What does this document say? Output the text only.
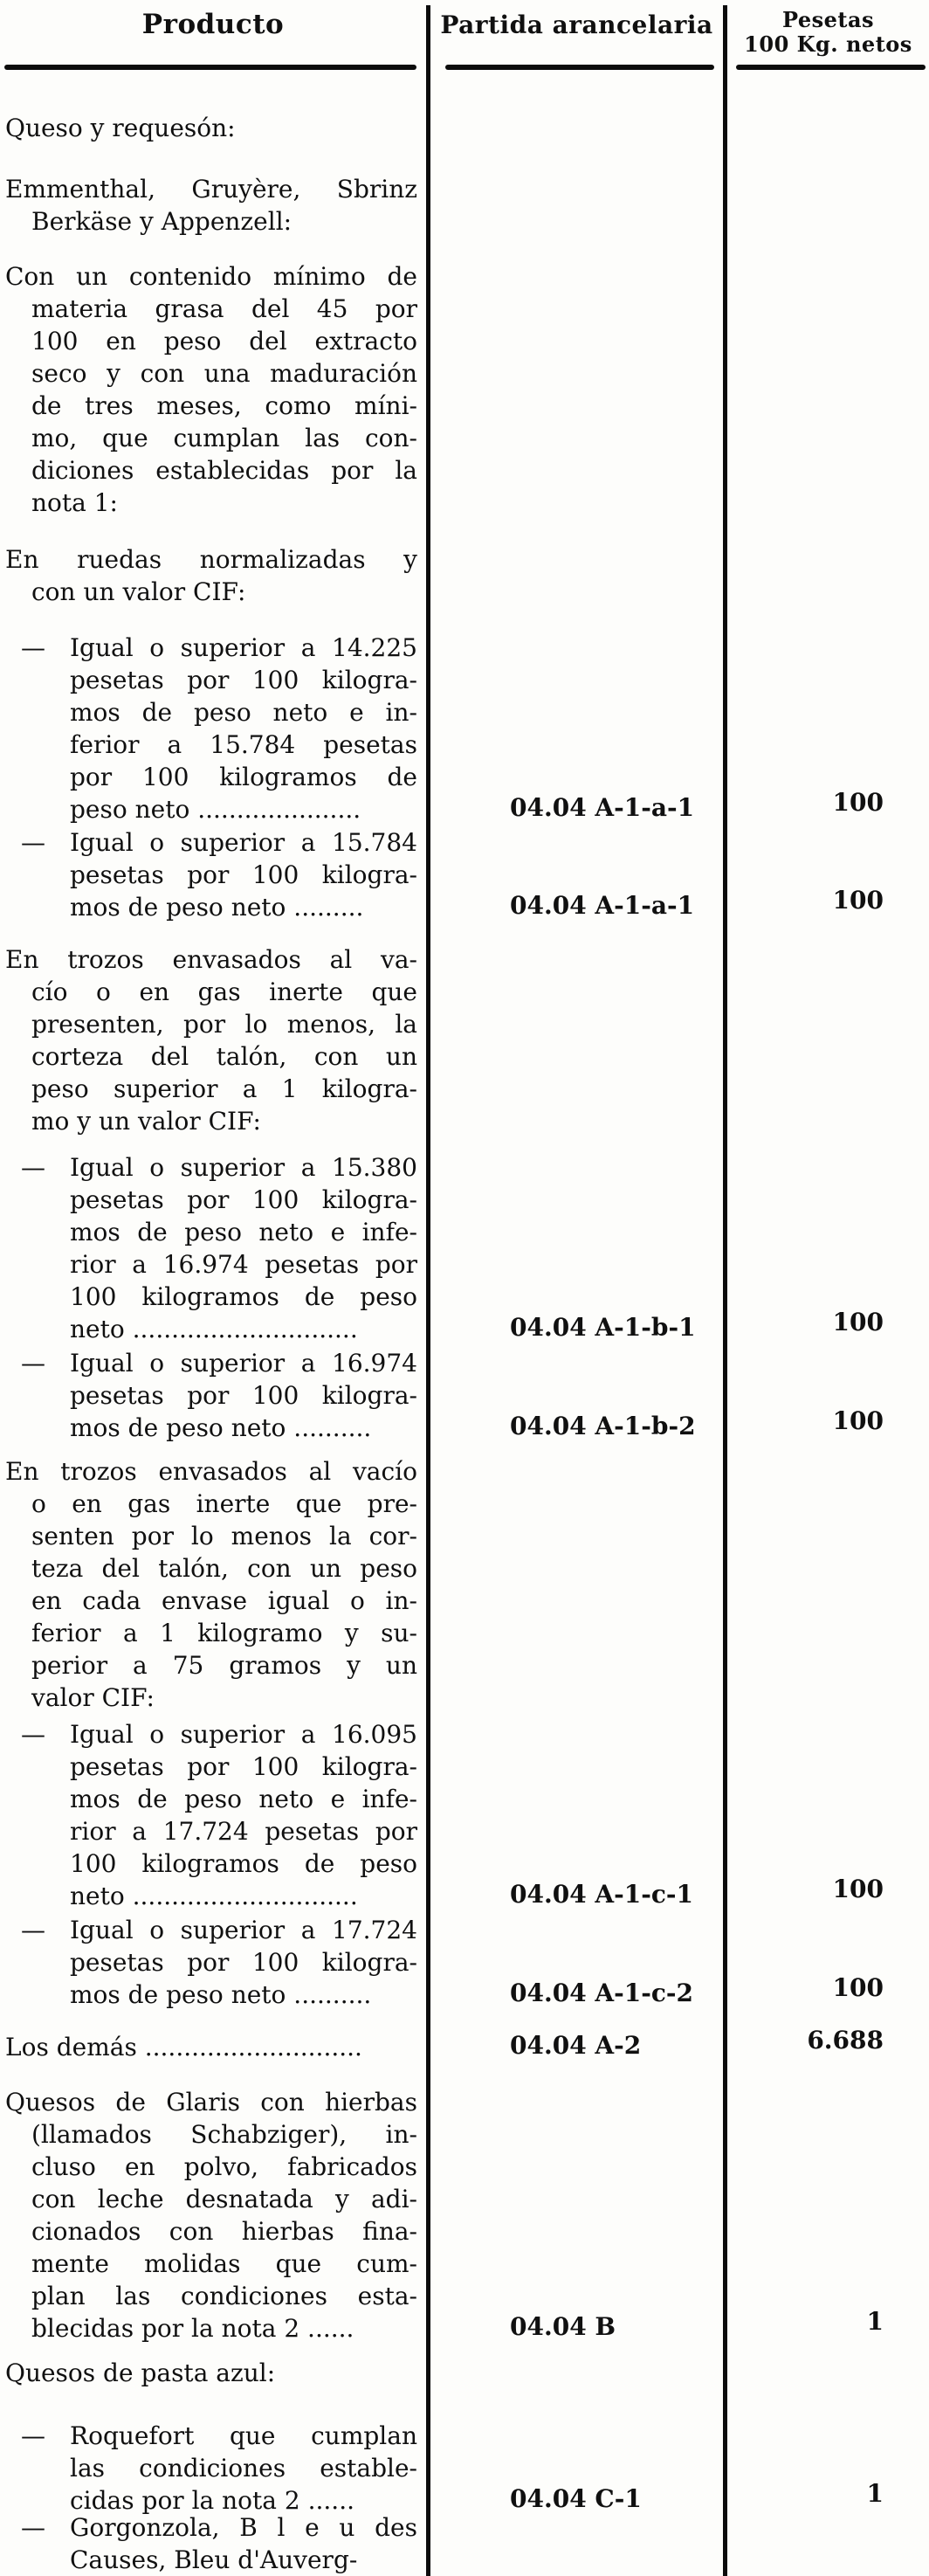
Producto	Partida arancelaria	Pesetas
100 Kg. netos
Queso y requesón:
Emmenthal, Gruyère, Sbrinz
Berkäse y Appenzell:
Con un contenido mínimo de
materia grasa del 45 por
100 en peso del extracto
seco y con una maduración
de tres meses, como míni-
mo, que cumplan las con-
diciones establecidas por la
nota 1:
En ruedas normalizadas y
con un valor CIF:
—	Igual o superior a 14.225
pesetas por 100 kilogra-
mos de peso neto e in-
ferior a 15.784 pesetas
por 100 kilogramos de
peso neto .....................	04.04 A-1-a-1	100
—	Igual o superior a 15.784
pesetas por 100 kilogra-
mos de peso neto .........	04.04 A-1-a-1	100
En trozos envasados al va-
cío o en gas inerte que
presenten, por lo menos, la
corteza del talón, con un
peso superior a 1 kilogra-
mo y un valor CIF:
—	Igual o superior a 15.380
pesetas por 100 kilogra-
mos de peso neto e infe-
rior a 16.974 pesetas por
100 kilogramos de peso
neto .............................	04.04 A-1-b-1	100
—	Igual o superior a 16.974
pesetas por 100 kilogra-
mos de peso neto ..........	04.04 A-1-b-2	100
En trozos envasados al vacío
o en gas inerte que pre-
senten por lo menos la cor-
teza del talón, con un peso
en cada envase igual o in-
ferior a 1 kilogramo y su-
perior a 75 gramos y un
valor CIF:
—	Igual o superior a 16.095
pesetas por 100 kilogra-
mos de peso neto e infe-
rior a 17.724 pesetas por
100 kilogramos de peso
neto .............................	04.04 A-1-c-1	100
—	Igual o superior a 17.724
pesetas por 100 kilogra-
mos de peso neto ..........	04.04 A-1-c-2	100
Los demás ............................	04.04 A-2	6.688
Quesos de Glaris con hierbas
(llamados Schabziger), in-
cluso en polvo, fabricados
con leche desnatada y adi-
cionados con hierbas fina-
mente molidas que cum-
plan las condiciones esta-
blecidas por la nota 2 ......	04.04 B	1
Quesos de pasta azul:
—	Roquefort que cumplan
las condiciones estable-
cidas por la nota 2 ......	04.04 C-1	1
—	Gorgonzola, B l e u des
Causes, Bleu d'Auverg-
